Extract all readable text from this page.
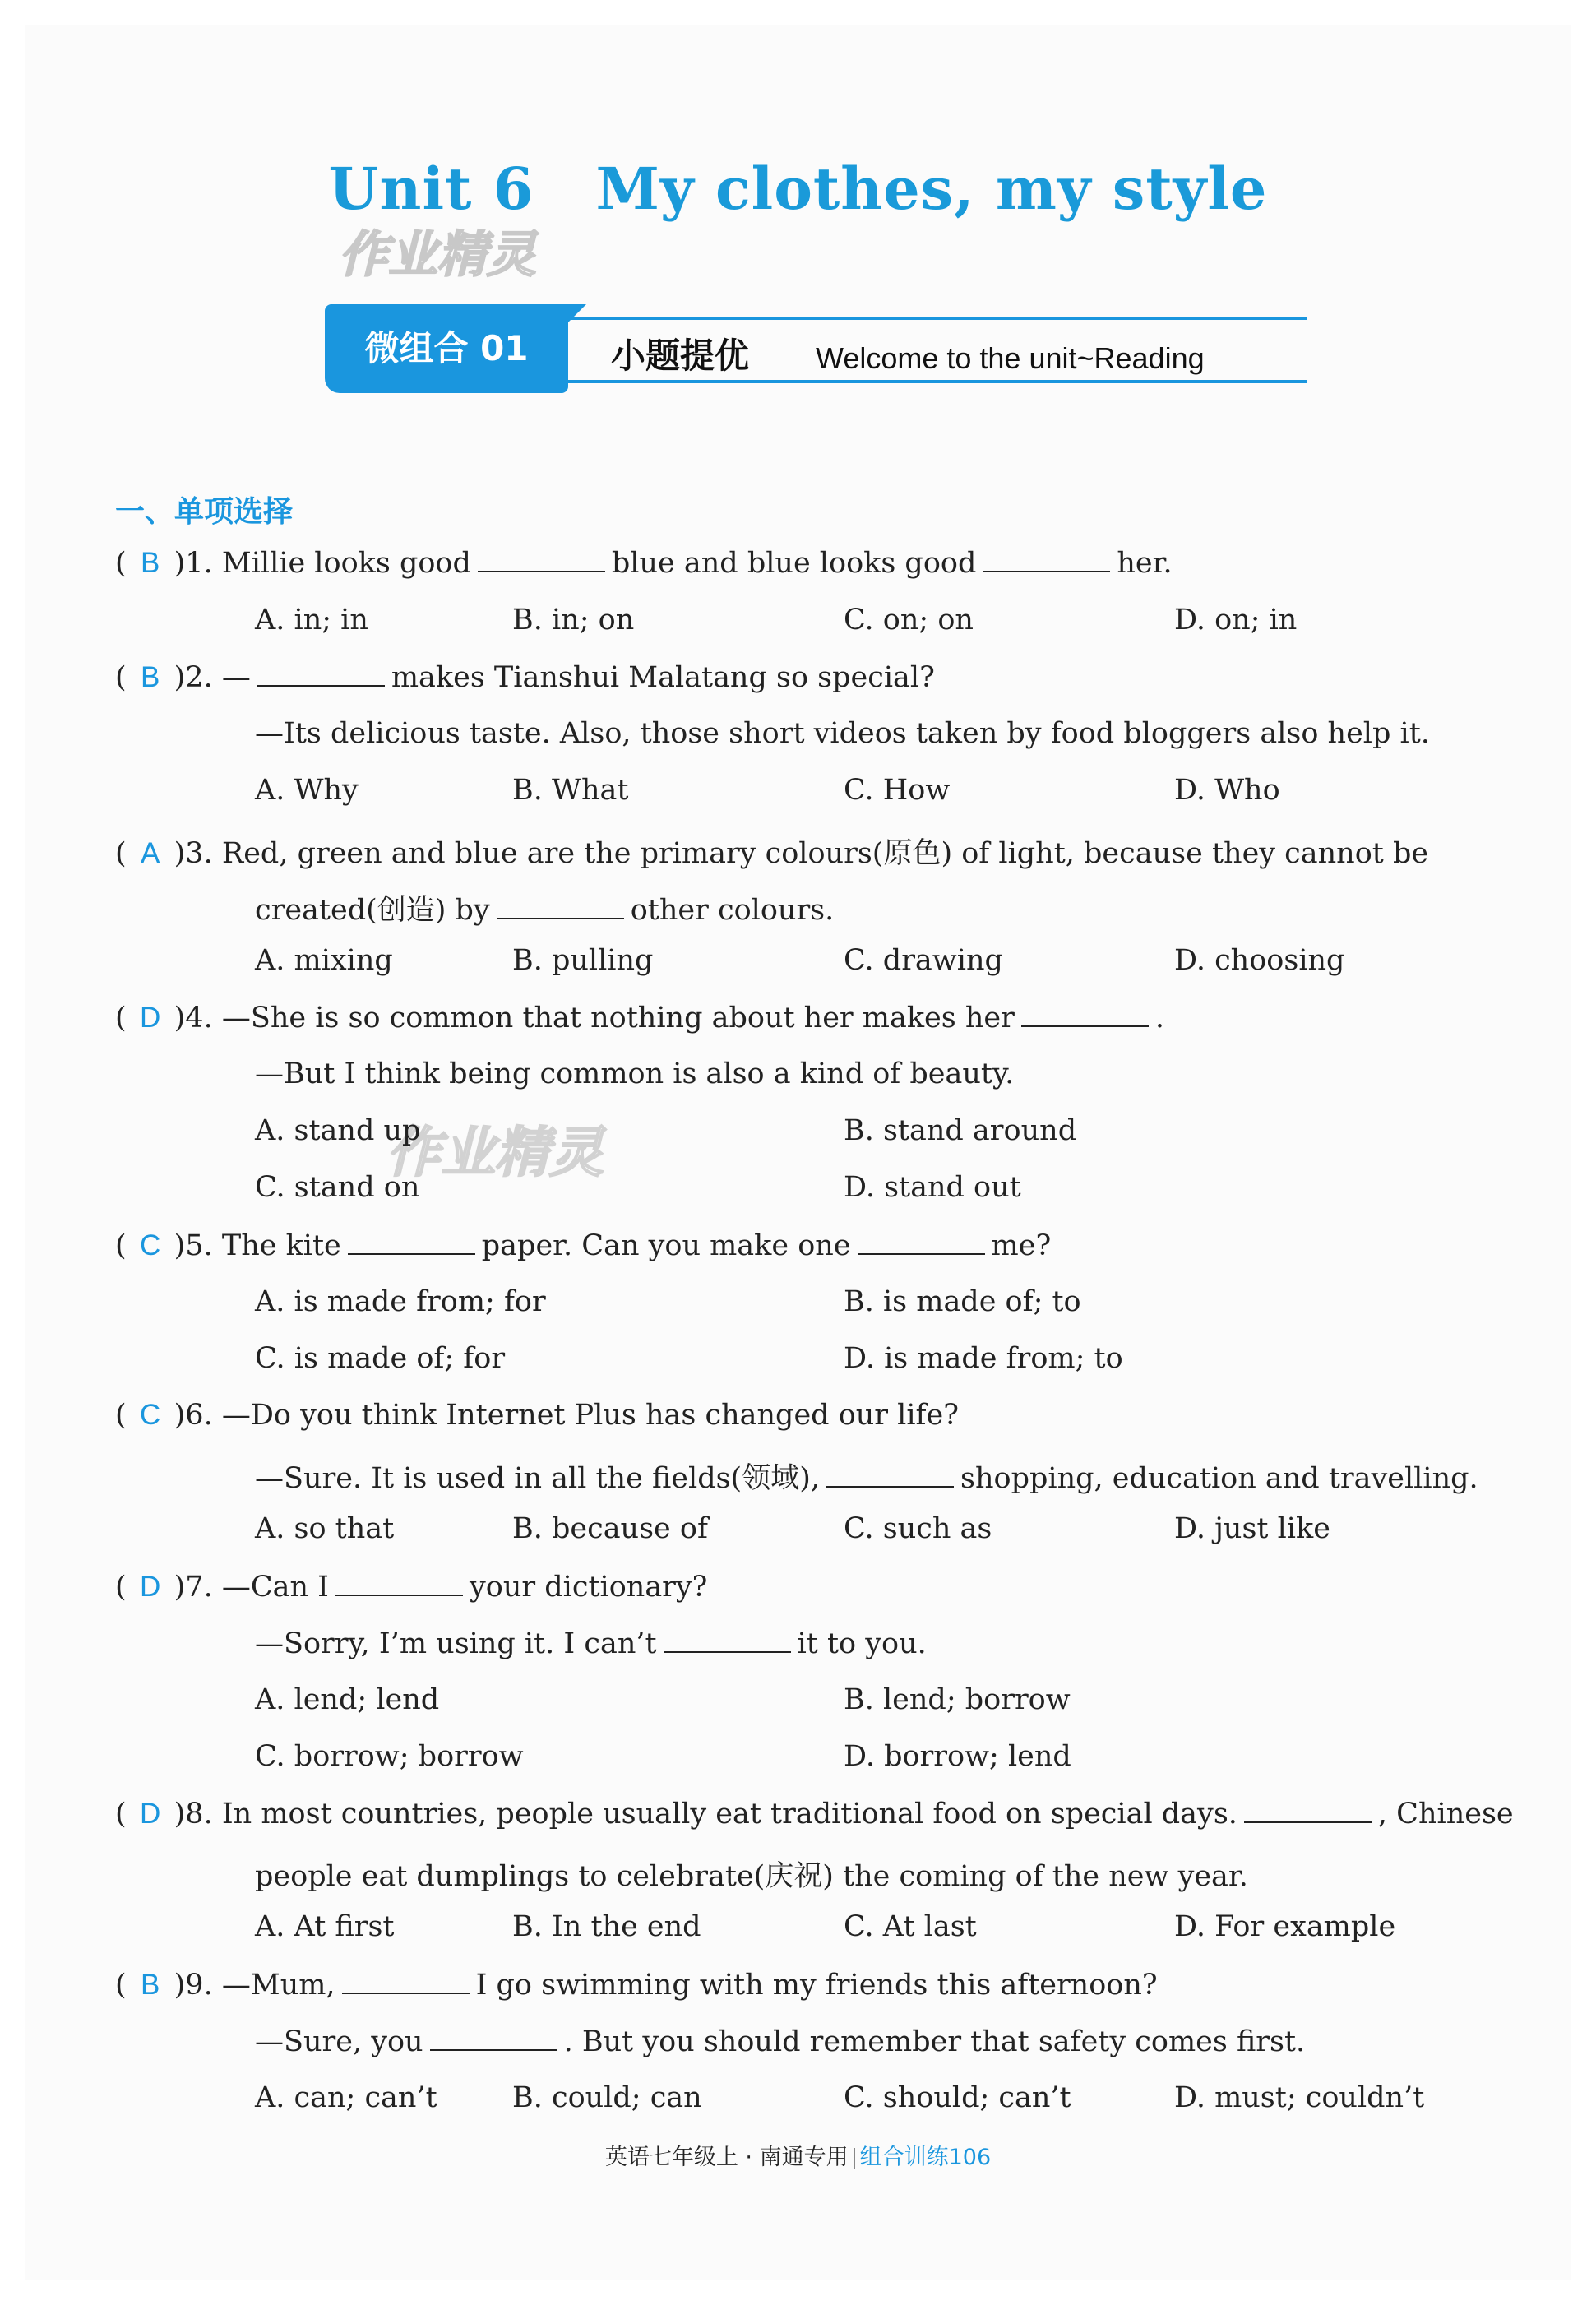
Unit 6 My clothes, my style
作业精灵
作业精灵
微组合 01	小题提优 Welcome to the unit~Reading
一、单项选择
( B )1. Millie looks good	blue and blue looks good	her.
A. in; in	B. in; on	C. on; on	D. on; in
( B )2. —	makes Tianshui Malatang so special?
—Its delicious taste. Also, those short videos taken by food bloggers also help it.
A. Why	B. What	C. How	D. Who
( A )3. Red, green and blue are the primary colours(原色) of light, because they cannot be
created(创造) by	other colours.
A. mixing	B. pulling	C. drawing	D. choosing
( D )4. —She is so common that nothing about her makes her	.
—But I think being common is also a kind of beauty.
A. stand up	B. stand around
C. stand on	D. stand out
( C )5. The kite	paper. Can you make one	me?
A. is made from; for	B. is made of; to
C. is made of; for	D. is made from; to
( C )6. —Do you think Internet Plus has changed our life?
—Sure. It is used in all the fields(领域),	shopping, education and travelling.
A. so that	B. because of	C. such as	D. just like
( D )7. —Can I	your dictionary?
—Sorry, I’m using it. I can’t	it to you.
A. lend; lend	B. lend; borrow
C. borrow; borrow	D. borrow; lend
( D )8. In most countries, people usually eat traditional food on special days.	, Chinese
people eat dumplings to celebrate(庆祝) the coming of the new year.
A. At first	B. In the end	C. At last	D. For example
( B )9. —Mum,	I go swimming with my friends this afternoon?
—Sure, you	. But you should remember that safety comes first.
A. can; can’t	B. could; can	C. should; can’t	D. must; couldn’t
英语七年级上 · 南通专用 组合训练106
